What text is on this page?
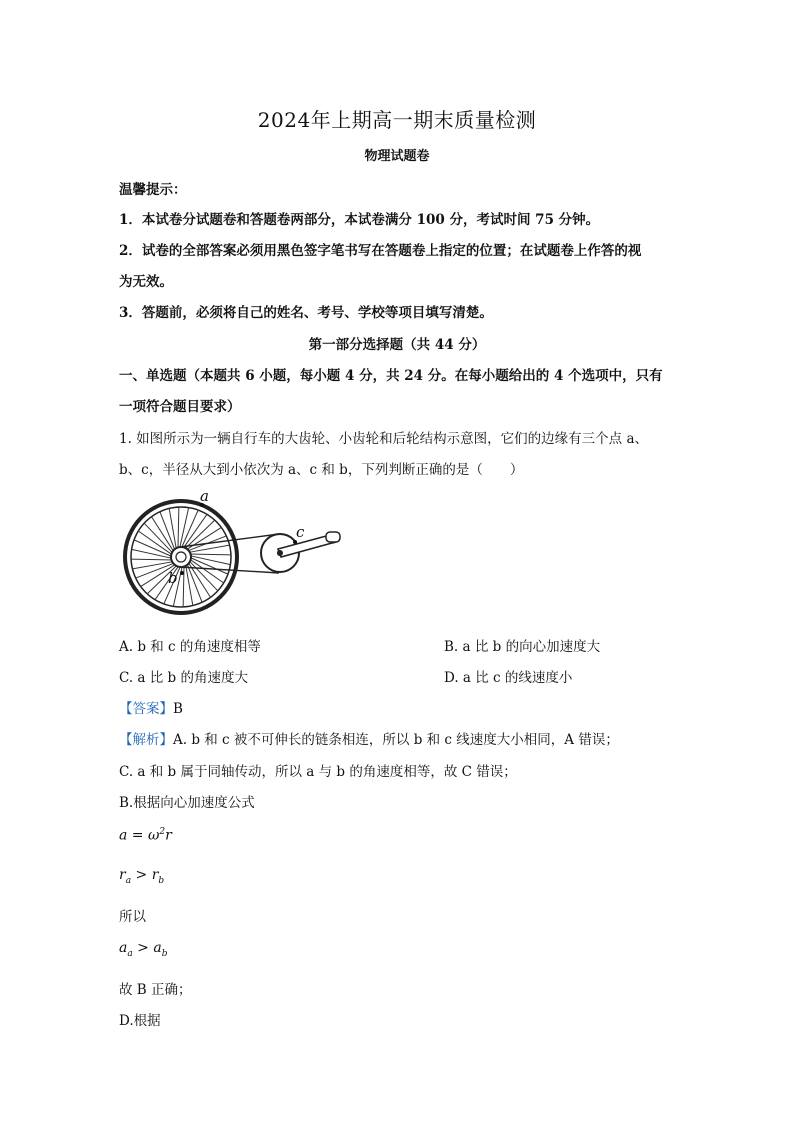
2024年上期高一期末质量检测
物理试题卷
温馨提示：
1．本试卷分试题卷和答题卷两部分，本试卷满分 100 分，考试时间 75 分钟。
2．试卷的全部答案必须用黑色签字笔书写在答题卷上指定的位置；在试题卷上作答的视
为无效。
3．答题前，必须将自己的姓名、考号、学校等项目填写清楚。
第一部分选择题（共 44 分）
一、单选题（本题共 6 小题，每小题 4 分，共 24 分。在每小题给出的 4 个选项中，只有
一项符合题目要求）
1. 如图所示为一辆自行车的大齿轮、小齿轮和后轮结构示意图，它们的边缘有三个点 a、
b、c，半径从大到小依次为 a、c 和 b，下列判断正确的是（　　）
a
b
c
A. b 和 c 的角速度相等	B. a 比 b 的向心加速度大
C. a 比 b 的角速度大	D. a 比 c 的线速度小
【答案】B
【解析】A. b 和 c 被不可伸长的链条相连，所以 b 和 c 线速度大小相同，A 错误；
C. a 和 b 属于同轴传动，所以 a 与 b 的角速度相等，故 C 错误；
B.根据向心加速度公式
$a = \omega^2r$
$r_a > r_b$
所以
$a_a > a_b$
故 B 正确；
D.根据
